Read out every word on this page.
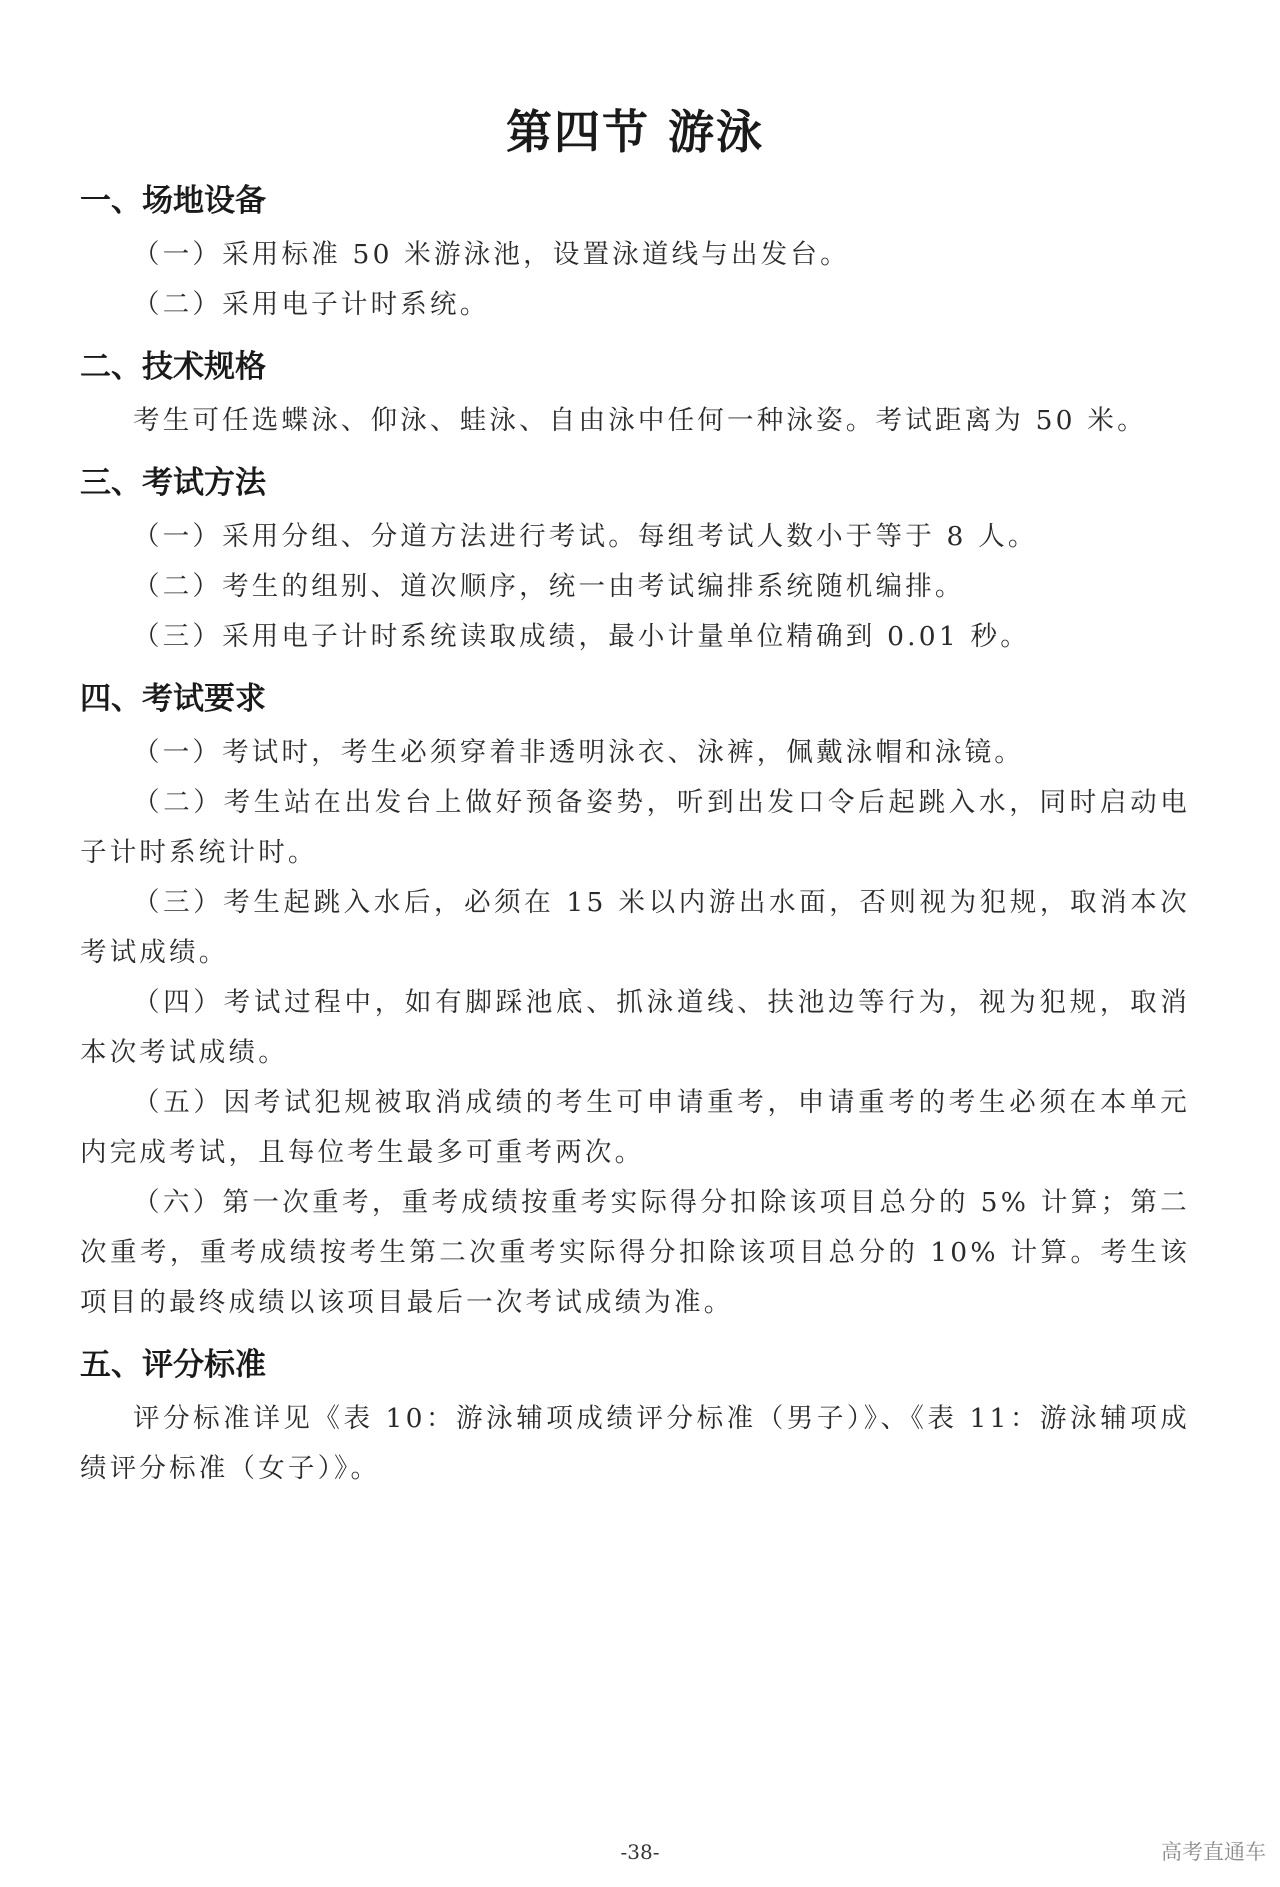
第四节 游泳
一、场地设备

（一）采用标准 50 米游泳池，设置泳道线与出发台。

（二）采用电子计时系统。

二、技术规格

考生可任选蝶泳、仰泳、蛙泳、自由泳中任何一种泳姿。考试距离为 50 米。

三、考试方法

（一）采用分组、分道方法进行考试。每组考试人数小于等于 8 人。

（二）考生的组别、道次顺序，统一由考试编排系统随机编排。

（三）采用电子计时系统读取成绩，最小计量单位精确到 0.01 秒。

四、考试要求

（一）考试时，考生必须穿着非透明泳衣、泳裤，佩戴泳帽和泳镜。

（二）考生站在出发台上做好预备姿势，听到出发口令后起跳入水，同时启动电子计时系统计时。

（三）考生起跳入水后，必须在 15 米以内游出水面，否则视为犯规，取消本次考试成绩。

（四）考试过程中，如有脚踩池底、抓泳道线、扶池边等行为，视为犯规，取消本次考试成绩。

（五）因考试犯规被取消成绩的考生可申请重考，申请重考的考生必须在本单元内完成考试，且每位考生最多可重考两次。

（六）第一次重考，重考成绩按重考实际得分扣除该项目总分的 5% 计算；第二次重考，重考成绩按考生第二次重考实际得分扣除该项目总分的 10% 计算。考生该项目的最终成绩以该项目最后一次考试成绩为准。

五、评分标准

评分标准详见《表 10：游泳辅项成绩评分标准（男子）》、《表 11：游泳辅项成绩评分标准（女子）》。

-38-	高考直通车
